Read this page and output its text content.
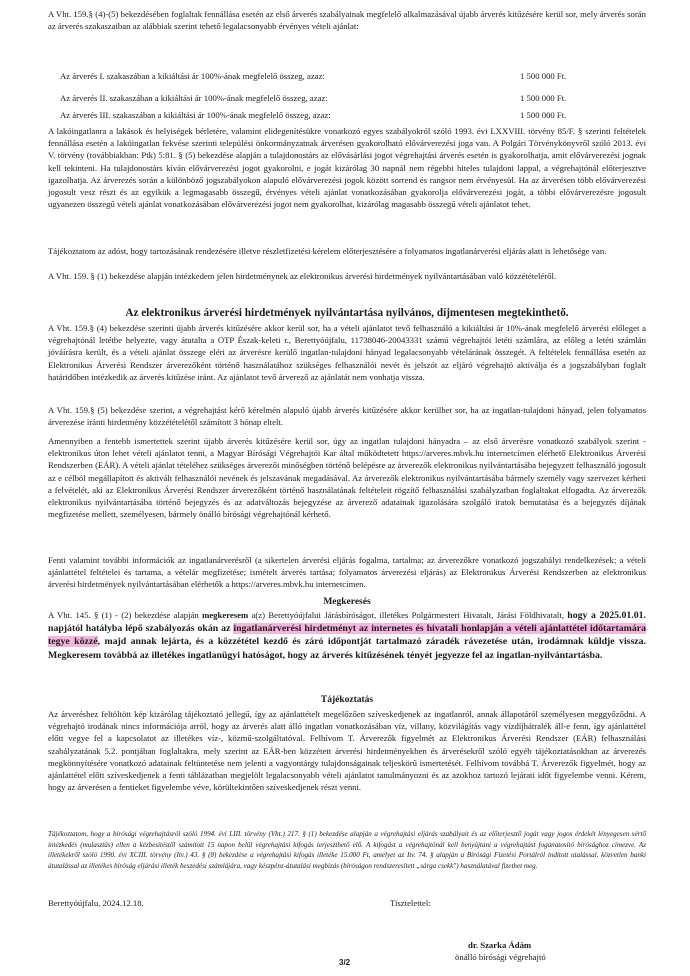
A Vht. 159.§ (4)-(5) bekezdésében foglaltak fennállása esetén az első árverés szabályainak megfelelő alkalmazásával újabb árverés kitűzésére kerül sor, mely árverés során az árverés szakaszaiban az alábbiak szerint tehető legalacsonyabb érvényes vételi ajánlat:

Az árverés I. szakaszában a kikiáltási ár 100%-ának megfelelő összeg, azaz:	1 500 000 Ft.
Az árverés II. szakaszában a kikiáltási ár 100%-ának megfelelő összeg, azaz:	1 500 000 Ft.
Az árverés III. szakaszában a kikiáltási ár 100%-ának megfelelő összeg, azaz:	1 500 000 Ft.

A lakóingatlanra a lakások és helyiségek bérletére, valamint elidegenítésükre vonatkozó egyes szabályokról szóló 1993. évi LXXVIII. törvény 85/F. § szerinti feltételek fennállása esetén a lakóingatlan fekvése szerinti települési önkormányzatnak árverésen gyakorolható elővárverezési joga van. A Polgári Törvénykönyvről szóló 2013. évi V. törvény (továbbiakban: Ptk) 5:81. § (5) bekezdése alapján a tulajdonostárs az elővásárlási jogot végrehajtási árverés esetén is gyakorolhatja, amit elővárverezési jognak kell tekinteni. Ha tulajdonostárs kíván elővárverezési jogot gyakorolni, e jogát kizárólag 30 napnál nem régebbi hiteles tulajdoni lappal, a végrehajtónál előterjesztve igazolhatja. Az árverezés során a különböző jogszabályokon alapuló elővárverezési jogok között sorrend és rangsor nem érvényesül. Ha az árverésen több elővárverezési jogosult vesz részt és az egyikük a legmagasabb összegű, érvényes vételi ajánlat vonatkozásában gyakorolja elővárverezési jogát, a többi elővárverezésre jogosult ugyanezen összegű vételi ajánlat vonatkozásában elővárverezési jogot nem gyakorolhat, kizárólag magasabb összegű vételi ajánlatot tehet.

Tájékoztatom az adóst, hogy tartozásának rendezésére illetve részletfizetési kérelem előterjesztésére a folyamatos ingatlanárverési eljárás alatt is lehetősége van.

A Vht. 159. § (1) bekezdése alapján intézkedem jelen hirdetménynek az elektronikus árverési hirdetmények nyilvántartásában való közzétételéről.

Az elektronikus árverési hirdetmények nyilvántartása nyilvános, díjmentesen megtekinthető.

A Vht. 159.§ (4) bekezdése szerinti újabb árverés kitűzésére akkor kerül sor, ha a vételi ajánlatot tevő felhasználó a kikiáltási ár 10%-ának megfelelő árverési előleget a végrehajtónál letétbe helyezte, vagy átutalta a OTP Észak-keleti r., Berettyóújfalu, 11738046-20043331 számú végrehajtói letéti számlára, az előleg a letéti számlán jóváírásra került, és a vételi ajánlat összege eléri az árverésre kerülő ingatlan-tulajdoni hányad legalacsonyabb vételárának összegét. A feltételek fennállása esetén az Elektronikus Árverési Rendszer árverezőként történő használatához szükséges felhasználói nevét és jelszót az eljáró végrehajtó aktiválja és a jogszabályban foglalt határidőben intézkedik az árverés kitűzése iránt. Az ajánlatot tevő árverező az ajánlatát nem vonhatja vissza.

A Vht. 159.§ (5) bekezdése szerint, a végrehajtást kérő kérelmén alapuló újabb árverés kitűzésére akkor kerülhet sor, ha az ingatlan-tulajdoni hányad, jelen folyamatos árverezése iránti hirdetmény közzétételétől számított 3 hónap eltelt.

Amennyiben a fentebb ismertettek szerint újabb árverés kitűzésére kerül sor, úgy az ingatlan tulajdoni hányadra – az első árverésre vonatkozó szabályok szerint - elektronikus úton lehet vételi ajánlatot tenni, a Magyar Bírósági Végrehajtói Kar által működtetett https://arveres.mbvk.hu internetcímen elérhető Elektronikus Árverési Rendszerben (EÁR). A vételi ajánlat tételéhez szükséges árverezői minőségben történő belépésre az árverezők elektronikus nyilvántartásába bejegyzett felhasználó jogosult az e célból megállapított és aktivált felhasználói nevének és jelszavának megadásával. Az árverezők elektronikus nyilvántartásába bármely személy vagy szervezet kérheti a felvételét, aki az Elektronikus Árverési Rendszer árverezőként történő használatának feltételeit rögzítő felhasználási szabályzatban foglaltakat elfogadta. Az árverezők elektronikus nyilvántartásába történő bejegyzés és az adatváltozás bejegyzése az árverező adatainak igazolására szolgáló iratok bemutatása és a bejegyzés díjának megfizetése mellett, személyesen, bármely önálló bírósági végrehajtónál kérhető.

Fenti valamint további információk az ingatlanárverésről (a sikertelen árverési eljárás fogalma, tartalma; az árverezőkre vonatkozó jogszabályi rendelkezések; a vételi ajánlattétel feltételei és tartama, a vételár megfizetése; ismételt árverés tartása; folyamatos árverezési eljárás) az Elektronikus Árverési Rendszerben az elektronikus árverési hirdetmények nyilvántartásában elérhetők a https://arveres.mbvk.hu internetcímen.

Megkeresés

A Vht. 145. § (1) - (2) bekezdése alapján megkeresem a(z) Berettyóújfalui Járásbíróságot, illetékes Polgármesteri Hivatalt, Járási Földhivatalt, hogy a 2025.01.01. napjától hatályba lépő szabályozás okán az ingatlanárverési hirdetményt az internetes és hivatali honlapján a vételi ajánlattétel időtartamára tegye közzé, majd annak lejárta, és a közzététel kezdő és záró időpontját tartalmazó záradék rávezetése után, irodámnak küldje vissza. Megkeresem továbbá az illetékes ingatlanügyi hatóságot, hogy az árverés kitűzésének tényét jegyezze fel az ingatlan-nyilvántartásba.

Tájékoztatás

Az árveréshez feltöltött kép kizárólag tájékoztató jellegű, így az ajánlattételt megelőzően szíveskedjenek az ingatlanról, annak állapotáról személyesen meggyőződni. A végrehajtó irodának nincs információja arról, hogy az árverés alatt álló ingatlan vonatkozásában víz, villany, közvilágítás vagy vízdíjhátralék áll-e fenn, így ajánlattétel előtt vegye fel a kapcsolatot az illetékes víz-, közmű-szolgáltatóval. Felhívom T. Árverezők figyelmét az Elektronikus Árverési Rendszer (EÁR) felhasználási szabályzatának 5.2. pontjában foglaltakra, mely szerint az EÁR-ben közzétett árverési hirdetményekben és árverésekről szóló egyéb tájékoztatásokban az árverezés megkönnyítésére vonatkozó adatainak feltüntetése nem jelenti a vagyontárgy tulajdonságainak teljeskörű ismertetését. Felhívom továbbá T. Árverezők figyelmét, hogy az ajánlattétel előtt szíveskedjenek a fenti táblázatban megjelölt legalacsonyabb vételi ajánlatot tanulmányozni és az azokhoz tartozó lejárati időt figyelembe venni. Kérem, hogy az árverésen a fentieket figyelembe véve, körültekintően szíveskedjenek részt venni.

Tájékoztatom, hogy a bírósági végrehajtásról szóló 1994. évi LIII. törvény (Vht.) 217. § (1) bekezdése alapján a végrehajtási eljárás szabályait és az előterjesztő jogát vagy jogos érdekét lényegesen sértő intézkedés (mulasztás) ellen a kézbesítéstől számított 15 napon belül végrehajtási kifogás terjeszthető elő. A kifogást a végrehajtónál kell benyújtani a végrehajtást foganatosító bírósághoz címezve. Az illetékekről szóló 1990. évi XCIII. törvény (Itv.) 43. § (8) bekezdése a végrehajtási kifogás illetéke 15.000 Ft, amelyet az Itv. 74. § alapján a Bírósági Fizetési Portálról indított utalással, közvetlen banki átutalással az illetékes bíróság eljárási illeték beszedési számlájára, vagy készpénz-átutalási megbízás (bíróságon rendszeresített „sárga csekk") használatával fizethet meg.

Berettyóújfalu, 2024.12.18.	Tisztelettel:
dr. Szarka Ádám
önálló bírósági végrehajtó
3/2
